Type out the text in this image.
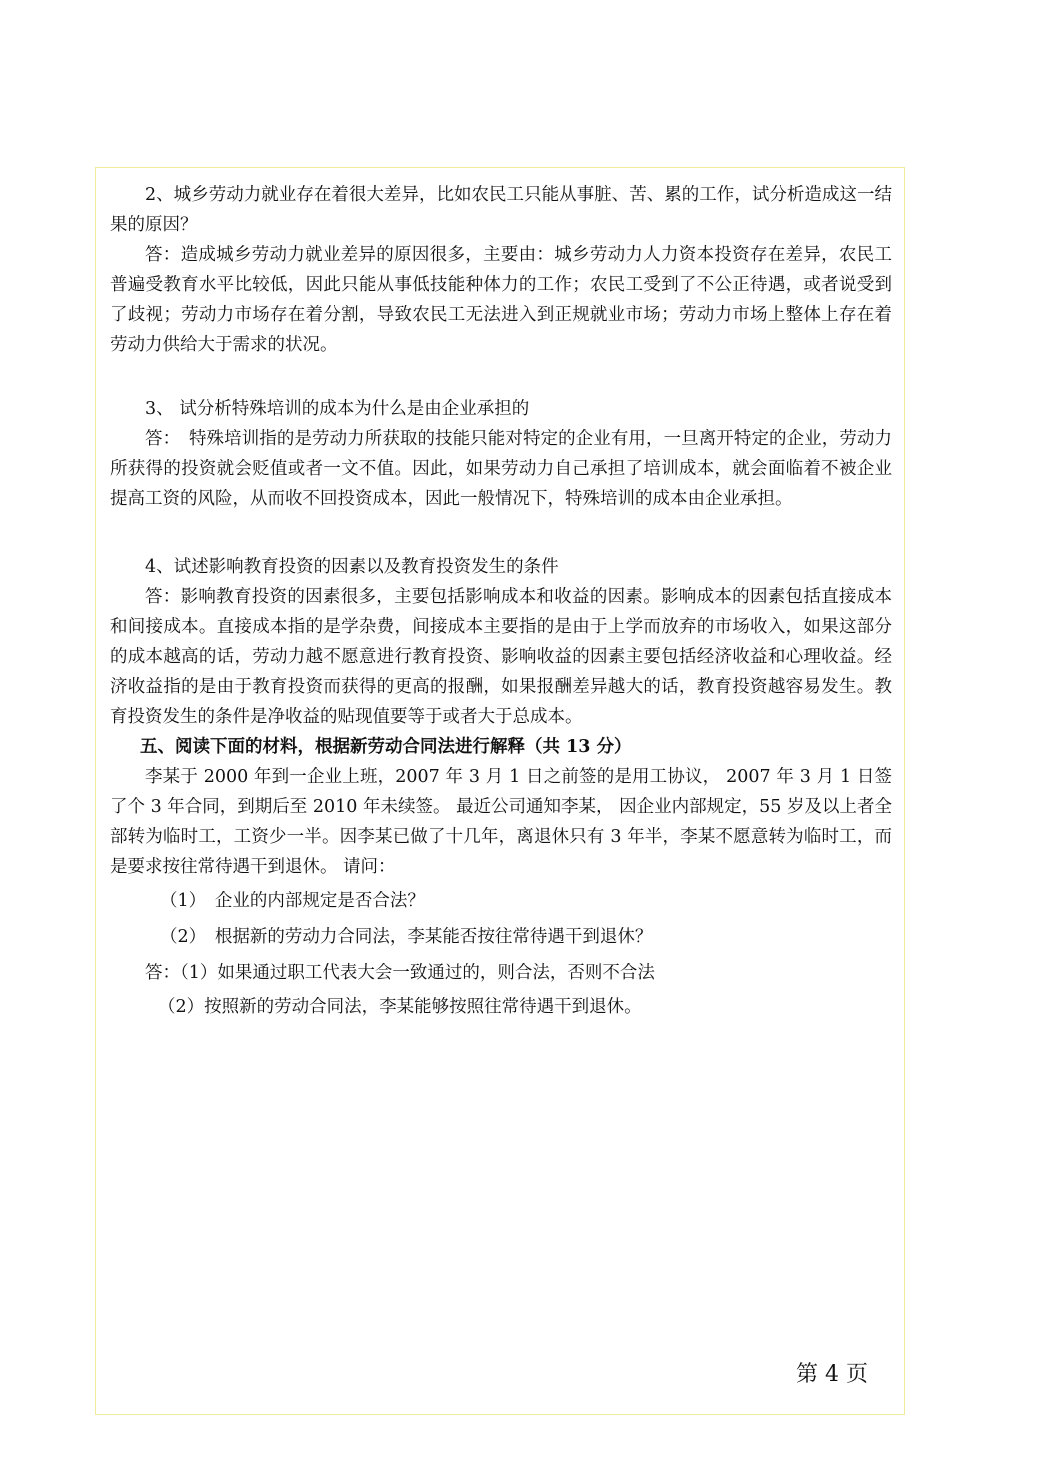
2、城乡劳动力就业存在着很大差异，比如农民工只能从事脏、苦、累的工作，试分析造成这一结果的原因？

答：造成城乡劳动力就业差异的原因很多，主要由：城乡劳动力人力资本投资存在差异，农民工普遍受教育水平比较低，因此只能从事低技能种体力的工作；农民工受到了不公正待遇，或者说受到了歧视；劳动力市场存在着分割，导致农民工无法进入到正规就业市场；劳动力市场上整体上存在着劳动力供给大于需求的状况。

3、 试分析特殊培训的成本为什么是由企业承担的

答：　特殊培训指的是劳动力所获取的技能只能对特定的企业有用，一旦离开特定的企业，劳动力所获得的投资就会贬值或者一文不值。因此，如果劳动力自己承担了培训成本，就会面临着不被企业提高工资的风险，从而收不回投资成本，因此一般情况下，特殊培训的成本由企业承担。

4、试述影响教育投资的因素以及教育投资发生的条件

答：影响教育投资的因素很多，主要包括影响成本和收益的因素。影响成本的因素包括直接成本和间接成本。直接成本指的是学杂费，间接成本主要指的是由于上学而放弃的市场收入，如果这部分的成本越高的话，劳动力越不愿意进行教育投资、影响收益的因素主要包括经济收益和心理收益。经济收益指的是由于教育投资而获得的更高的报酬，如果报酬差异越大的话，教育投资越容易发生。教育投资发生的条件是净收益的贴现值要等于或者大于总成本。

五、阅读下面的材料，根据新劳动合同法进行解释（共 13 分）

李某于 2000 年到一企业上班，2007 年 3 月 1 日之前签的是用工协议， 2007 年 3 月 1 日签了个 3 年合同，到期后至 2010 年未续签。 最近公司通知李某， 因企业内部规定，55 岁及以上者全部转为临时工，工资少一半。因李某已做了十几年，离退休只有 3 年半，李某不愿意转为临时工，而是要求按往常待遇干到退休。 请问：

（1）　企业的内部规定是否合法？

（2）　根据新的劳动力合同法，李某能否按往常待遇干到退休？

答：（1）如果通过职工代表大会一致通过的，则合法，否则不合法

（2）按照新的劳动合同法，李某能够按照往常待遇干到退休。

第 4 页
